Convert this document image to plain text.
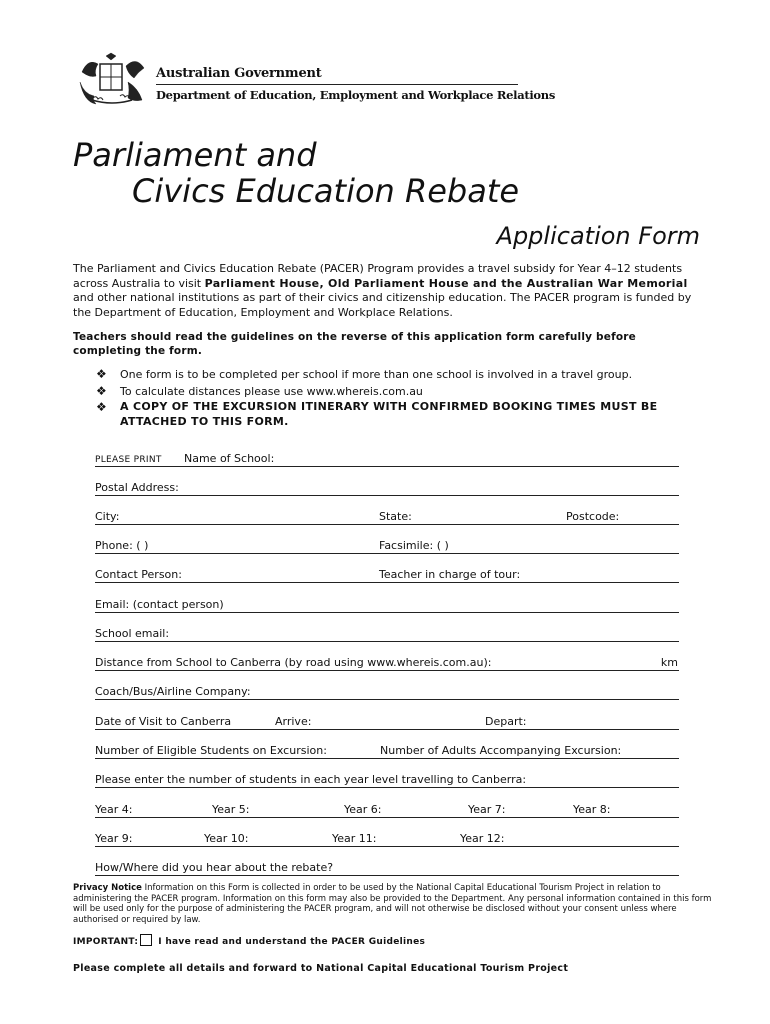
Australian Government
Department of Education, Employment and Workplace Relations
Parliament and
Civics Education Rebate
Application Form
The Parliament and Civics Education Rebate (PACER) Program provides a travel subsidy for Year 4–12 students across Australia to visit Parliament House, Old Parliament House and the Australian War Memorial and other national institutions as part of their civics and citizenship education. The PACER program is funded by the Department of Education, Employment and Workplace Relations.
Teachers should read the guidelines on the reverse of this application form carefully before completing the form.
❖ One form is to be completed per school if more than one school is involved in a travel group.
❖ To calculate distances please use www.whereis.com.au
❖ A COPY OF THE EXCURSION ITINERARY WITH CONFIRMED BOOKING TIMES MUST BE ATTACHED TO THIS FORM.
PLEASE PRINT Name of School:
Postal Address:
City:	State:	Postcode:
Phone: ( )	Facsimile: ( )
Contact Person:	Teacher in charge of tour:
Email: (contact person)
School email:
Distance from School to Canberra (by road using www.whereis.com.au):	km
Coach/Bus/Airline Company:
Date of Visit to Canberra	Arrive:	Depart:
Number of Eligible Students on Excursion:	Number of Adults Accompanying Excursion:
Please enter the number of students in each year level travelling to Canberra:
Year 4:	Year 5:	Year 6:	Year 7:	Year 8:
Year 9:	Year 10:	Year 11:	Year 12:
How/Where did you hear about the rebate?
Privacy Notice Information on this Form is collected in order to be used by the National Capital Educational Tourism Project in relation to administering the PACER program. Information on this form may also be provided to the Department. Any personal information contained in this form will be used only for the purpose of administering the PACER program, and will not otherwise be disclosed without your consent unless where authorised or required by law.
IMPORTANT: I have read and understand the PACER Guidelines
Please complete all details and forward to National Capital Educational Tourism Project
